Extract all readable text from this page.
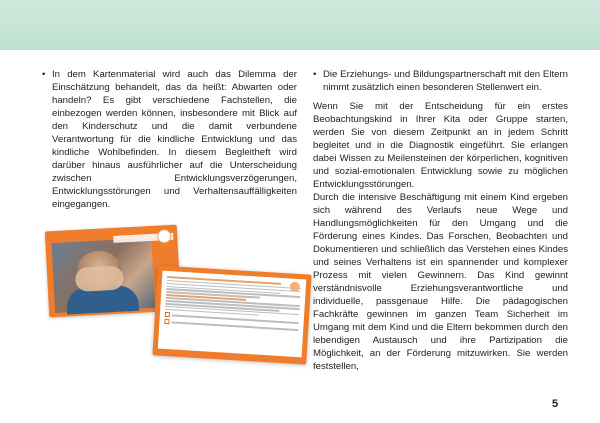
• In dem Kartenmaterial wird auch das Dilemma der Einschätzung behandelt, das da heißt: Abwarten oder handeln? Es gibt verschiedene Fachstellen, die einbezogen werden können, insbesondere mit Blick auf den Kinderschutz und die damit verbundene Verantwortung für die kindliche Entwicklung und das kindliche Wohlbefinden. In diesem Begleitheft wird darüber hinaus ausführlicher auf die Unterscheidung zwischen Entwicklungsverzögerungen, Entwicklungsstörungen und Verhaltensauffälligkeiten eingegangen.

• Die Erziehungs- und Bildungspartnerschaft mit den Eltern nimmt zusätzlich einen besonderen Stellenwert ein.

Wenn Sie mit der Entscheidung für ein erstes Beobachtungskind in Ihrer Kita oder Gruppe starten, werden Sie von diesem Zeitpunkt an in jedem Schritt begleitet und in die Diagnostik eingeführt. Sie erlangen dabei Wissen zu Meilensteinen der körperlichen, kognitiven und sozial-emotionalen Entwicklung sowie zu möglichen Entwicklungsstörungen.

Durch die intensive Beschäftigung mit einem Kind ergeben sich während des Verlaufs neue Wege und Handlungsmöglichkeiten für den Umgang und die Förderung eines Kindes. Das Forschen, Beobachten und Dokumentieren und schließlich das Verstehen eines Kindes und seines Verhaltens ist ein spannender und komplexer Prozess mit vielen Gewinnern. Das Kind gewinnt verständnisvolle Erziehungsverantwortliche und individuelle, passgenaue Hilfe. Die pädagogischen Fachkräfte gewinnen im ganzen Team Sicherheit im Umgang mit dem Kind und die Eltern bekommen durch den lebendigen Austausch und ihre Partizipation die Möglichkeit, an der Förderung mitzuwirken. Sie werden feststellen,

5
